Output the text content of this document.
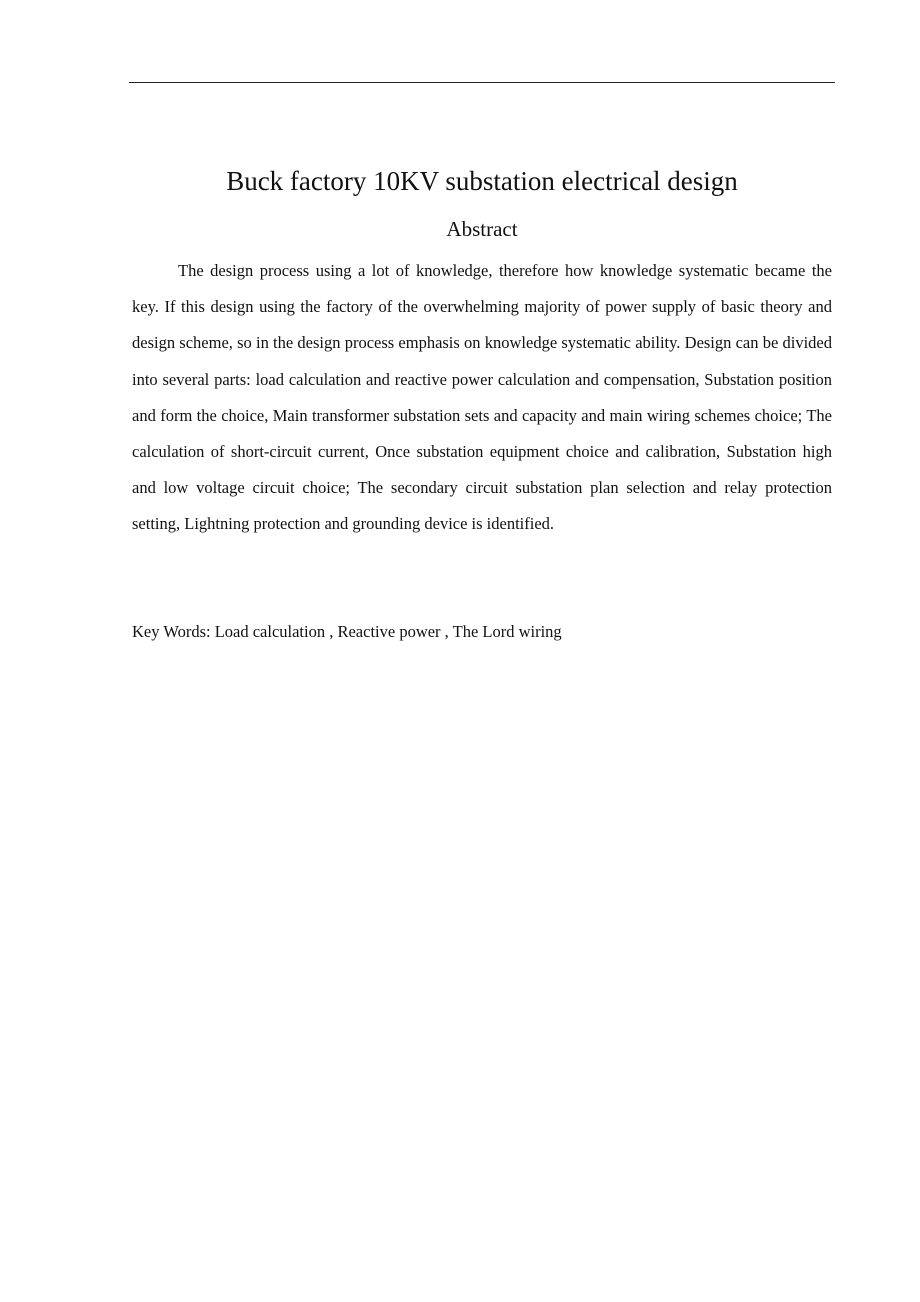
Buck factory 10KV substation electrical design
Abstract

The design process using a lot of knowledge, therefore how knowledge systematic became the key. If this design using the factory of the overwhelming majority of power supply of basic theory and design scheme, so in the design process emphasis on knowledge systematic ability. Design can be divided into several parts: load calculation and reactive power calculation and compensation, Substation position and form the choice, Main transformer substation sets and capacity and main wiring schemes choice; The calculation of short-circuit current, Once substation equipment choice and calibration, Substation high and low voltage circuit choice; The secondary circuit substation plan selection and relay protection setting, Lightning protection and grounding device is identified.

Key Words: Load calculation , Reactive power , The Lord wiring
